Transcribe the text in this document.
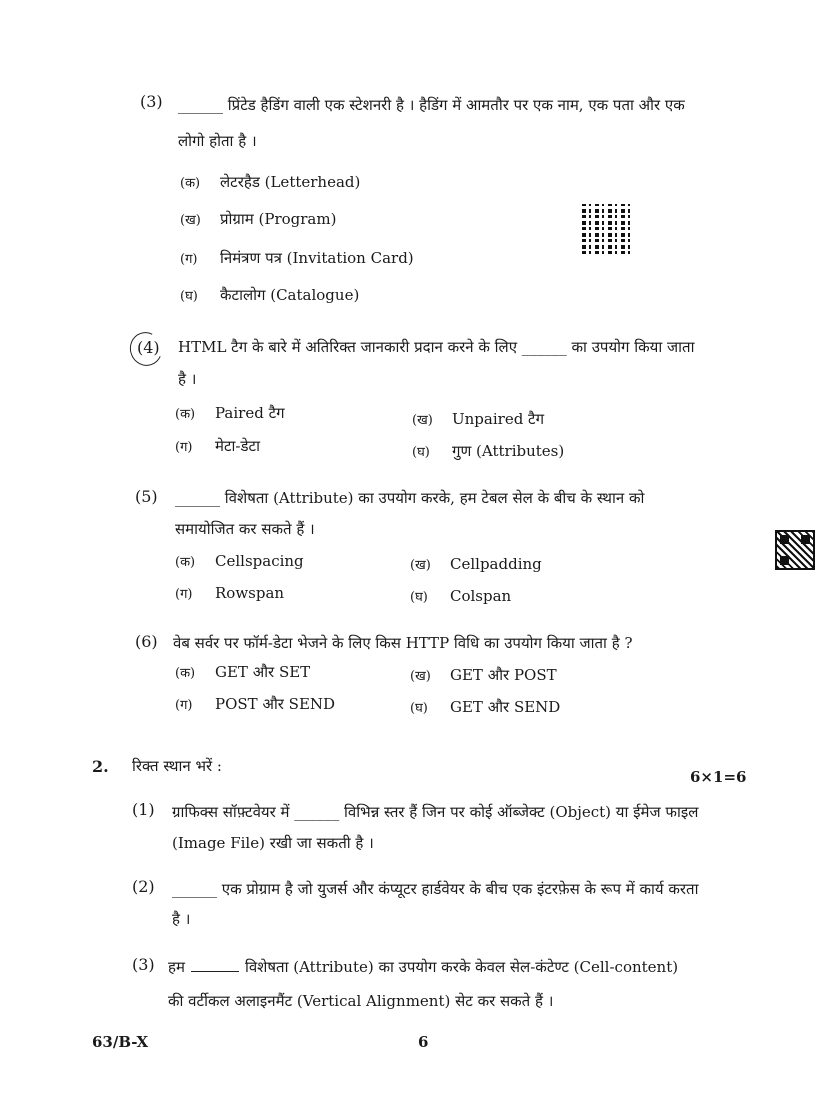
(3) ______ प्रिंटेड हैडिंग वाली एक स्टेशनरी है । हैडिंग में आमतौर पर एक नाम, एक पता और एक
लोगो होता है ।
(क) लेटरहैड (Letterhead)
(ख) प्रोग्राम (Program)
(ग) निमंत्रण पत्र (Invitation Card)
(घ) कैटालोग (Catalogue)
(4) HTML टैग के बारे में अतिरिक्त जानकारी प्रदान करने के लिए ______ का उपयोग किया जाता
है ।
(क) Paired टैग	(ख) Unpaired टैग
(ग) मेटा-डेटा	(घ) गुण (Attributes)
(5) ______ विशेषता (Attribute) का उपयोग करके, हम टेबल सेल के बीच के स्थान को
समायोजित कर सकते हैं ।
(क) Cellspacing	(ख) Cellpadding
(ग) Rowspan	(घ) Colspan
(6) वेब सर्वर पर फॉर्म-डेटा भेजने के लिए किस HTTP विधि का उपयोग किया जाता है ?
(क) GET और SET	(ख) GET और POST
(ग) POST और SEND	(घ) GET और SEND
2. रिक्त स्थान भरें :
6×1=6
(1) ग्राफिक्स सॉफ़्टवेयर में ______ विभिन्न स्तर हैं जिन पर कोई ऑब्जेक्ट (Object) या ईमेज फाइल
(Image File) रखी जा सकती है ।
(2) ______ एक प्रोग्राम है जो युजर्स और कंप्यूटर हार्डवेयर के बीच एक इंटरफ़ेस के रूप में कार्य करता
है ।
(3) हम	विशेषता (Attribute) का उपयोग करके केवल सेल-कंटेण्ट (Cell-content)
की वर्टीकल अलाइनमैंट (Vertical Alignment) सेट कर सकते हैं ।
63/B-X	6
